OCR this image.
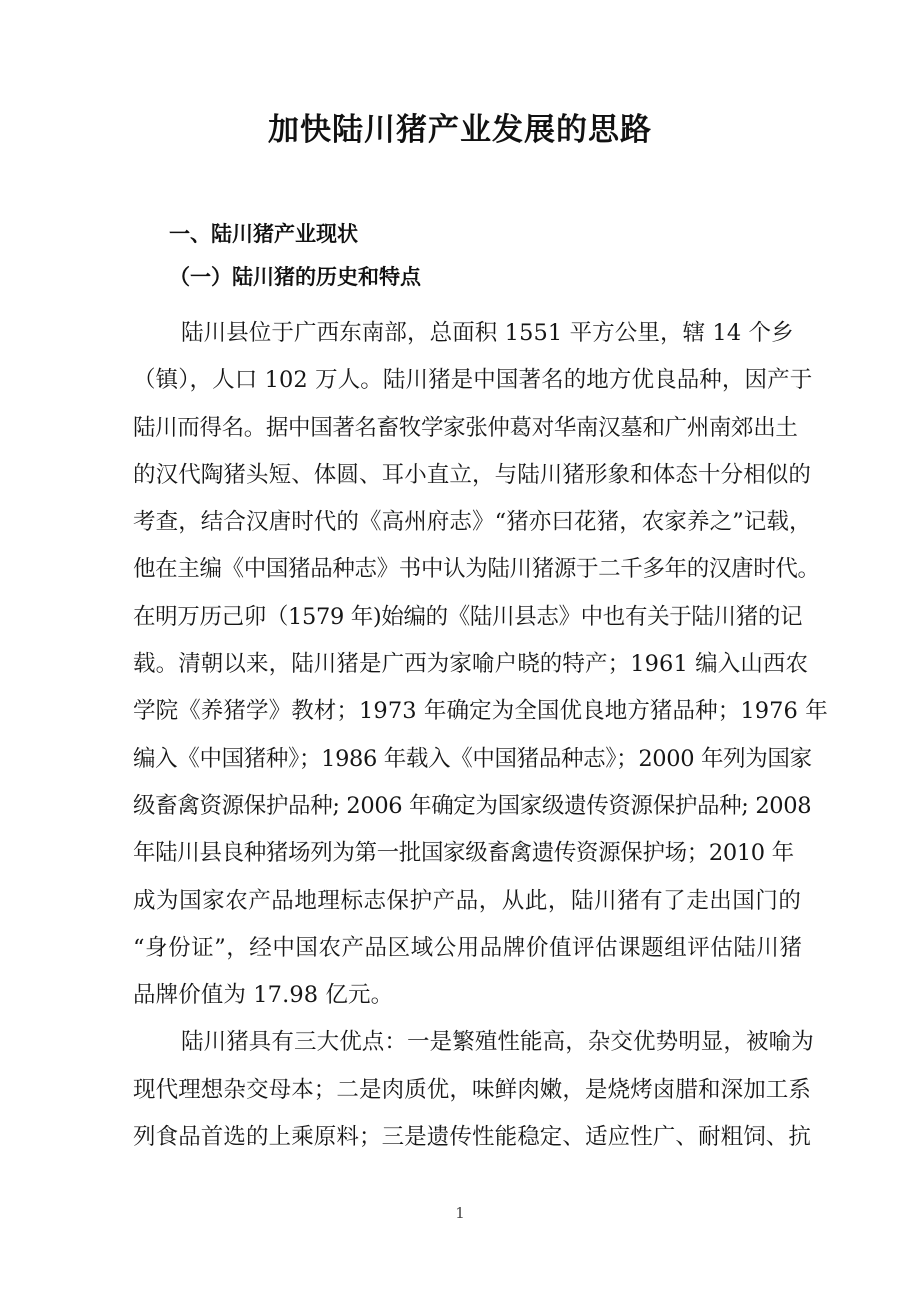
加快陆川猪产业发展的思路
一、陆川猪产业现状
（一）陆川猪的历史和特点
陆川县位于广西东南部，总面积 1551 平方公里，辖 14 个乡
（镇），人口 102 万人。陆川猪是中国著名的地方优良品种，因产于
陆川而得名。据中国著名畜牧学家张仲葛对华南汉墓和广州南郊出土
的汉代陶猪头短、体圆、耳小直立，与陆川猪形象和体态十分相似的
考查，结合汉唐时代的《高州府志》“猪亦曰花猪，农家养之”记载，
他在主编《中国猪品种志》书中认为陆川猪源于二千多年的汉唐时代。
在明万历己卯（1579 年)始编的《陆川县志》中也有关于陆川猪的记
载。清朝以来，陆川猪是广西为家喻户晓的特产；1961 编入山西农
学院《养猪学》教材；1973 年确定为全国优良地方猪品种；1976 年
编入《中国猪种》；1986 年载入《中国猪品种志》；2000 年列为国家
级畜禽资源保护品种; 2006 年确定为国家级遗传资源保护品种; 2008
年陆川县良种猪场列为第一批国家级畜禽遗传资源保护场；2010 年
成为国家农产品地理标志保护产品，从此，陆川猪有了走出国门的
“身份证”，经中国农产品区域公用品牌价值评估课题组评估陆川猪
品牌价值为 17.98 亿元。
陆川猪具有三大优点：一是繁殖性能高，杂交优势明显，被喻为
现代理想杂交母本；二是肉质优，味鲜肉嫩，是烧烤卤腊和深加工系
列食品首选的上乘原料；三是遗传性能稳定、适应性广、耐粗饲、抗
1
